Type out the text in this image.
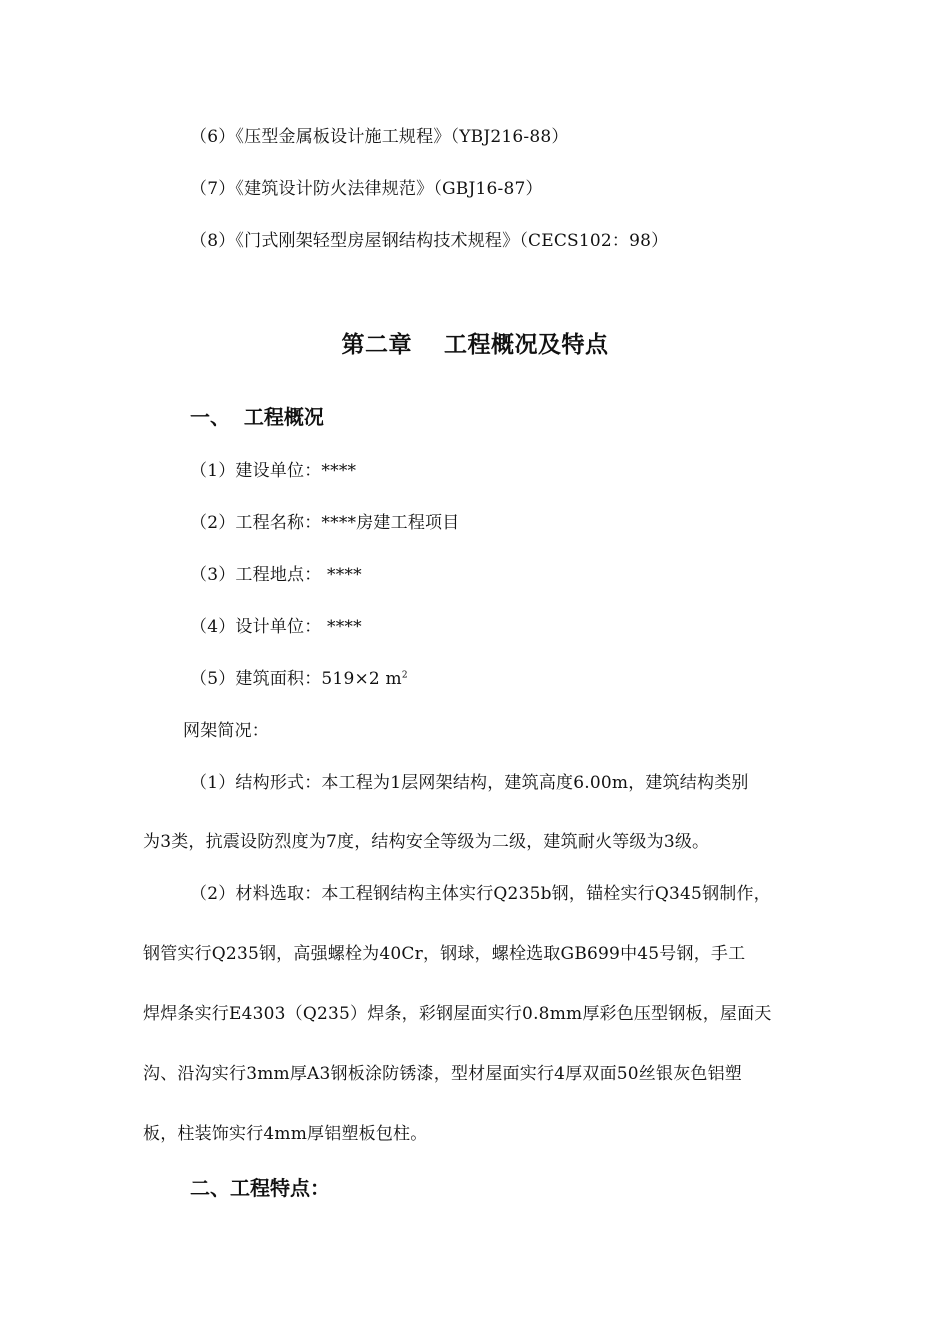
（6）《压型金属板设计施工规程》（YBJ216-88）
（7）《建筑设计防火法律规范》（GBJ16-87）
（8）《门式刚架轻型房屋钢结构技术规程》（CECS102：98）
第二章　 工程概况及特点
一、  工程概况
（1）建设单位：****
（2）工程名称：****房建工程项目
（3）工程地点： ****
（4）设计单位： ****
（5）建筑面积：519×2 $m^2$
网架简况：
（1）结构形式：本工程为1层网架结构，建筑高度6.00m，建筑结构类别
为3类，抗震设防烈度为7度，结构安全等级为二级，建筑耐火等级为3级。
（2）材料选取：本工程钢结构主体实行Q235b钢，锚栓实行Q345钢制作，
钢管实行Q235钢，高强螺栓为40Cr，钢球，螺栓选取GB699中45号钢，手工
焊焊条实行E4303（Q235）焊条，彩钢屋面实行0.8mm厚彩色压型钢板，屋面天
沟、沿沟实行3mm厚A3钢板涂防锈漆，型材屋面实行4厚双面50丝银灰色铝塑
板，柱装饰实行4mm厚铝塑板包柱。
二、工程特点：
